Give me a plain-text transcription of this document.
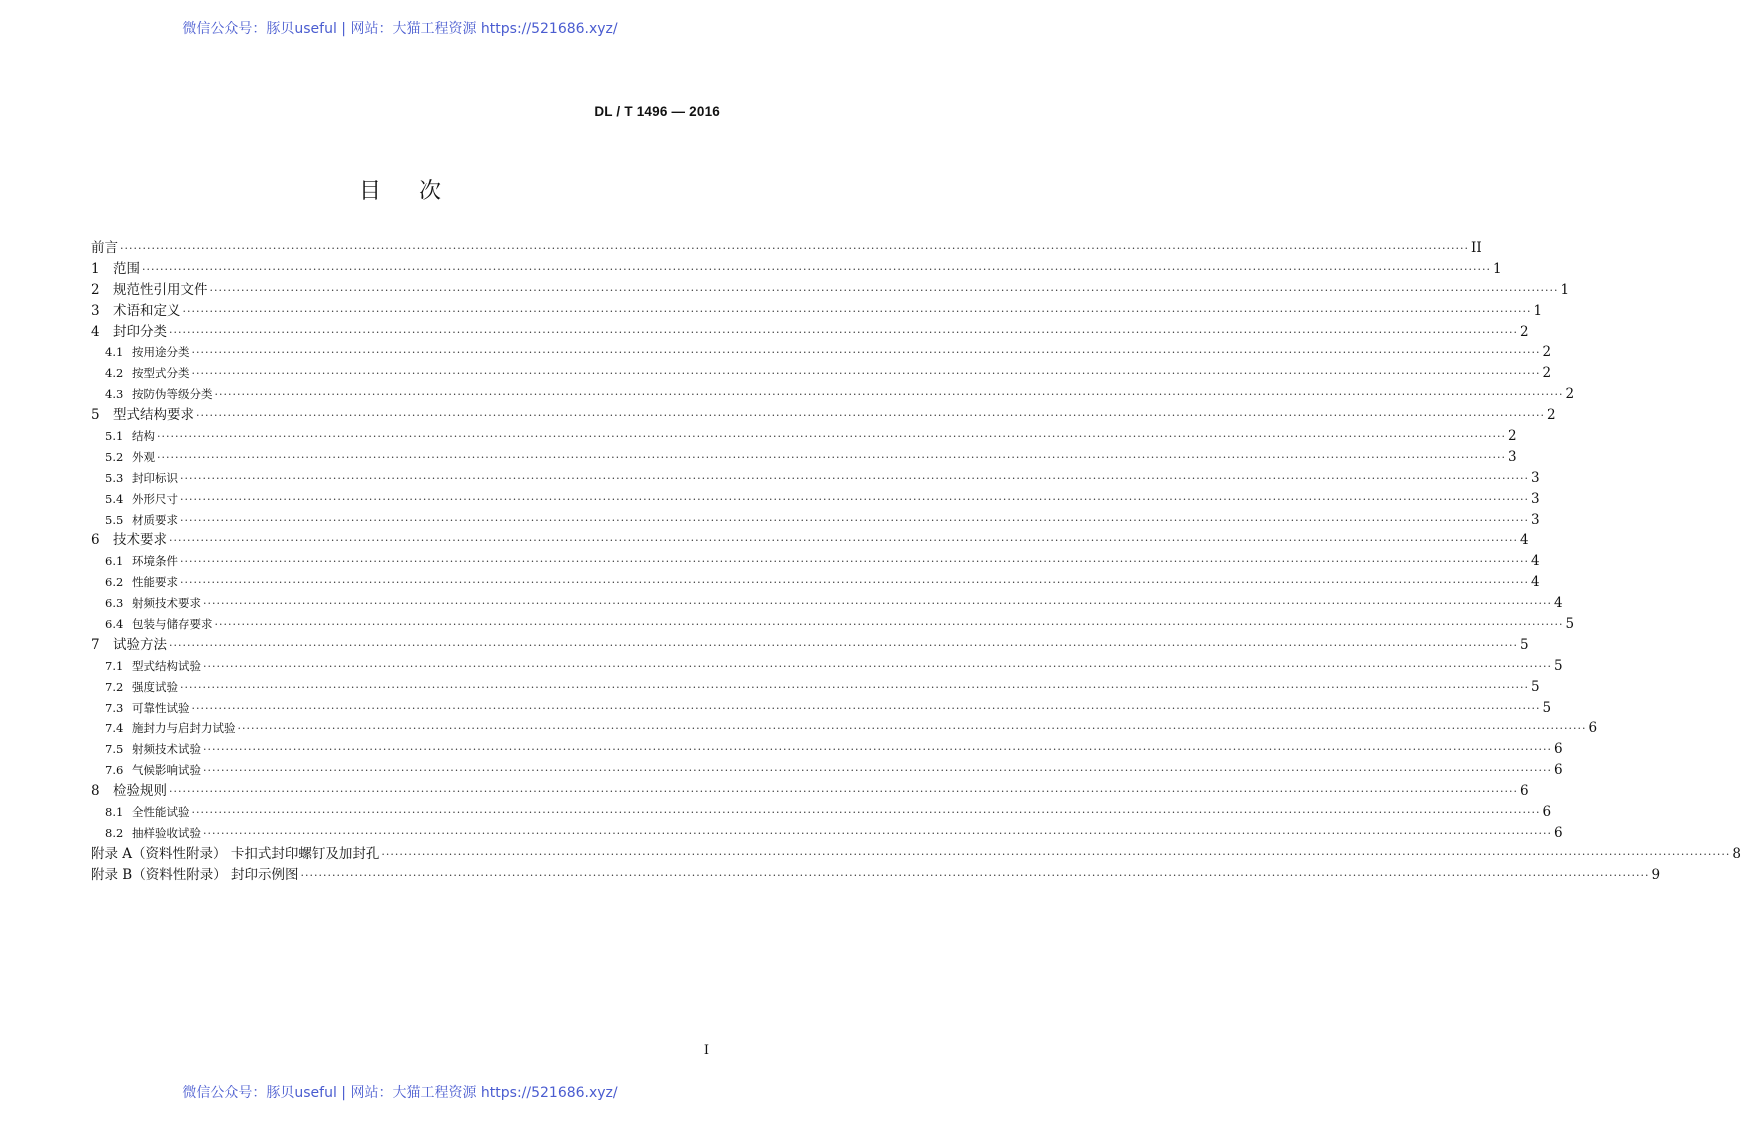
微信公众号：豚贝useful | 网站：大猫工程资源 https://521686.xyz/
DL / T 1496 — 2016
目次
前言 ············································································································································································································································································································ II
1 范围 ············································································································································································································································································································ 1
2 规范性引用文件 ············································································································································································································································································································ 1
3 术语和定义 ············································································································································································································································································································ 1
4 封印分类 ············································································································································································································································································································ 2
4.1 按用途分类 ············································································································································································································································································································ 2
4.2 按型式分类 ············································································································································································································································································································ 2
4.3 按防伪等级分类 ············································································································································································································································································································ 2
5 型式结构要求 ············································································································································································································································································································ 2
5.1 结构 ············································································································································································································································································································ 2
5.2 外观 ············································································································································································································································································································ 3
5.3 封印标识 ············································································································································································································································································································ 3
5.4 外形尺寸 ············································································································································································································································································································ 3
5.5 材质要求 ············································································································································································································································································································ 3
6 技术要求 ············································································································································································································································································································ 4
6.1 环境条件 ············································································································································································································································································································ 4
6.2 性能要求 ············································································································································································································································································································ 4
6.3 射频技术要求 ············································································································································································································································································································ 4
6.4 包装与储存要求 ············································································································································································································································································································ 5
7 试验方法 ············································································································································································································································································································ 5
7.1 型式结构试验 ············································································································································································································································································································ 5
7.2 强度试验 ············································································································································································································································································································ 5
7.3 可靠性试验 ············································································································································································································································································································ 5
7.4 施封力与启封力试验 ············································································································································································································································································································ 6
7.5 射频技术试验 ············································································································································································································································································································ 6
7.6 气候影响试验 ············································································································································································································································································································ 6
8 检验规则 ············································································································································································································································································································ 6
8.1 全性能试验 ············································································································································································································································································································ 6
8.2 抽样验收试验 ············································································································································································································································································································ 6
附录 A（资料性附录） 卡扣式封印螺钉及加封孔 ············································································································································································································································································································ 8
附录 B（资料性附录） 封印示例图 ············································································································································································································································································································ 9
I
微信公众号：豚贝useful | 网站：大猫工程资源 https://521686.xyz/
